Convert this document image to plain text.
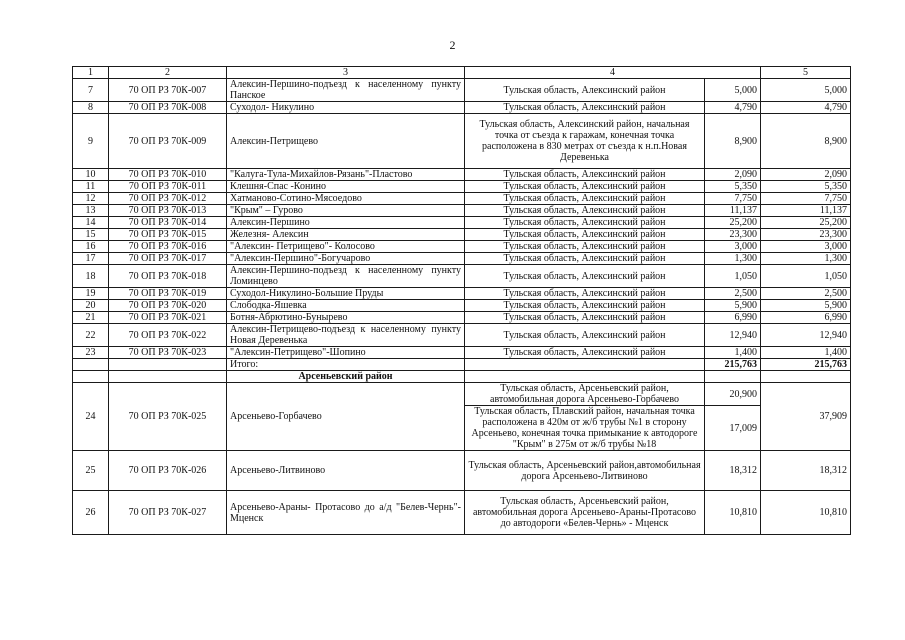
2
1	2	3	4		5
7	70 ОП РЗ 70К-007	Алексин-Першино-подъезд к населенному пункту Панское	Тульская область, Алексинский район	5,000	5,000
8	70 ОП РЗ 70К-008	Суходол- Никулино	Тульская область, Алексинский район	4,790	4,790
9	70 ОП РЗ 70К-009	Алексин-Петрищево	Тульская область, Алексинский район, начальная точка от съезда к гаражам, конечная точка расположена в 830 метрах от съезда к н.п.Новая Деревенька	8,900	8,900
10	70 ОП РЗ 70К-010	"Калуга-Тула-Михайлов-Рязань"-Пластово	Тульская область, Алексинский район	2,090	2,090
11	70 ОП РЗ 70К-011	Клешня-Спас -Конино	Тульская область, Алексинский район	5,350	5,350
12	70 ОП РЗ 70К-012	Хатманово-Сотино-Мясоедово	Тульская область, Алексинский район	7,750	7,750
13	70 ОП РЗ 70К-013	"Крым" – Гурово	Тульская область, Алексинский район	11,137	11,137
14	70 ОП РЗ 70К-014	Алексин-Першино	Тульская область, Алексинский район	25,200	25,200
15	70 ОП РЗ 70К-015	Железня- Алексин	Тульская область, Алексинский район	23,300	23,300
16	70 ОП РЗ 70К-016	"Алексин- Петрищево"- Колосово	Тульская область, Алексинский район	3,000	3,000
17	70 ОП РЗ 70К-017	"Алексин-Першино"-Богучарово	Тульская область, Алексинский район	1,300	1,300
18	70 ОП РЗ 70К-018	Алексин-Першино-подъезд к населенному пункту Ломинцево	Тульская область, Алексинский район	1,050	1,050
19	70 ОП РЗ 70К-019	Суходол-Никулино-Большие Пруды	Тульская область, Алексинский район	2,500	2,500
20	70 ОП РЗ 70К-020	Слободка-Яшевка	Тульская область, Алексинский район	5,900	5,900
21	70 ОП РЗ 70К-021	Ботня-Абрютино-Бунырево	Тульская область, Алексинский район	6,990	6,990
22	70 ОП РЗ 70К-022	Алексин-Петрищево-подъезд к населенному пункту Новая Деревенька	Тульская область, Алексинский район	12,940	12,940
23	70 ОП РЗ 70К-023	"Алексин-Петрищево"-Шопино	Тульская область, Алексинский район	1,400	1,400
		Итого:		215,763	215,763
		Арсеньевский район			
24	70 ОП РЗ 70К-025	Арсеньево-Горбачево	Тульская область, Арсеньевский район, автомобильная дорога Арсеньево-Горбачево	20,900	37,909
			Тульская область, Плавский район, начальная точка расположена в 420м от ж/б трубы №1 в сторону Арсеньево, конечная точка примыкание к автодороге "Крым" в 275м от ж/б трубы №18	17,009	
25	70 ОП РЗ 70К-026	Арсеньево-Литвиново	Тульская область, Арсеньевский район,автомобильная дорога Арсеньево-Литвиново	18,312	18,312
26	70 ОП РЗ 70К-027	Арсеньево-Араны- Протасово до а/д "Белев-Чернь"-Мценск	Тульская область, Арсеньевский район, автомобильная дорога Арсеньево-Араны-Протасово до автодороги «Белев-Чернь» - Мценск	10,810	10,810
